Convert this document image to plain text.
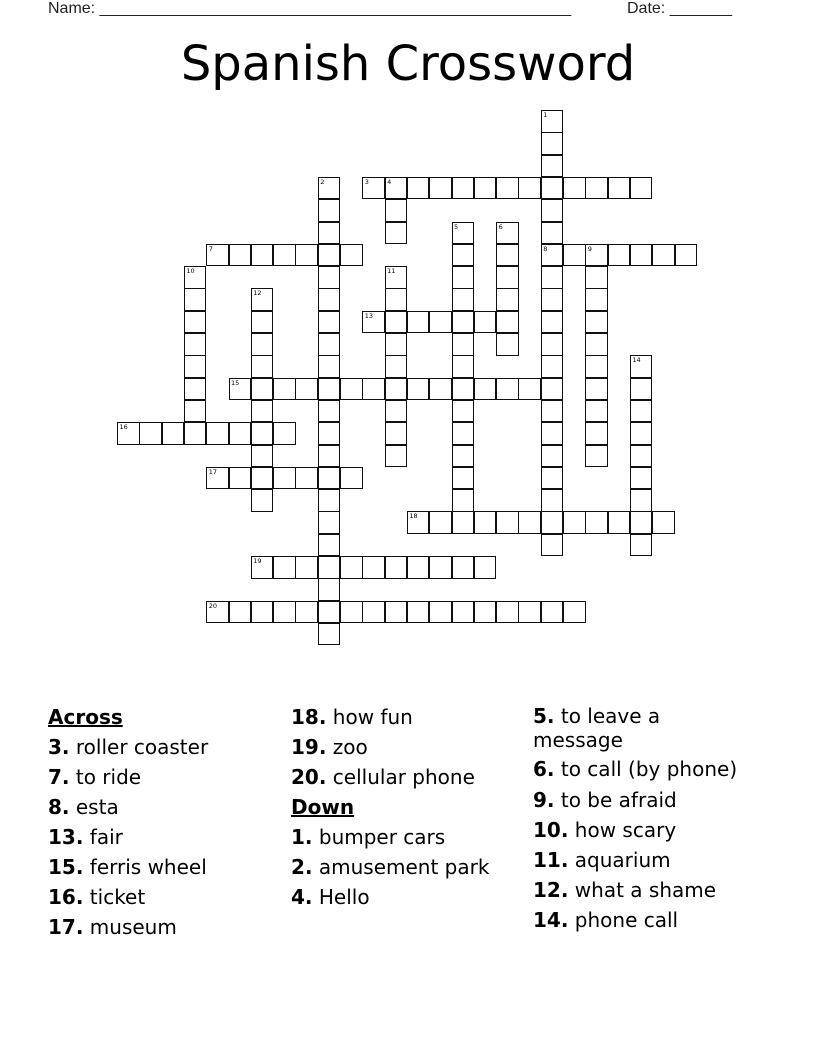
Name: _____________________________________________________	Date: _______
Spanish Crossword
1
8
2	3	4
5	6
7	9
10	11
12
13
14
15
16
17
18
19
20
Across
3. roller coaster
7. to ride
8. esta
13. fair
15. ferris wheel
16. ticket
17. museum
18. how fun
19. zoo
20. cellular phone
Down
1. bumper cars
2. amusement park
4. Hello
5. to leave a message
6. to call (by phone)
9. to be afraid
10. how scary
11. aquarium
12. what a shame
14. phone call
